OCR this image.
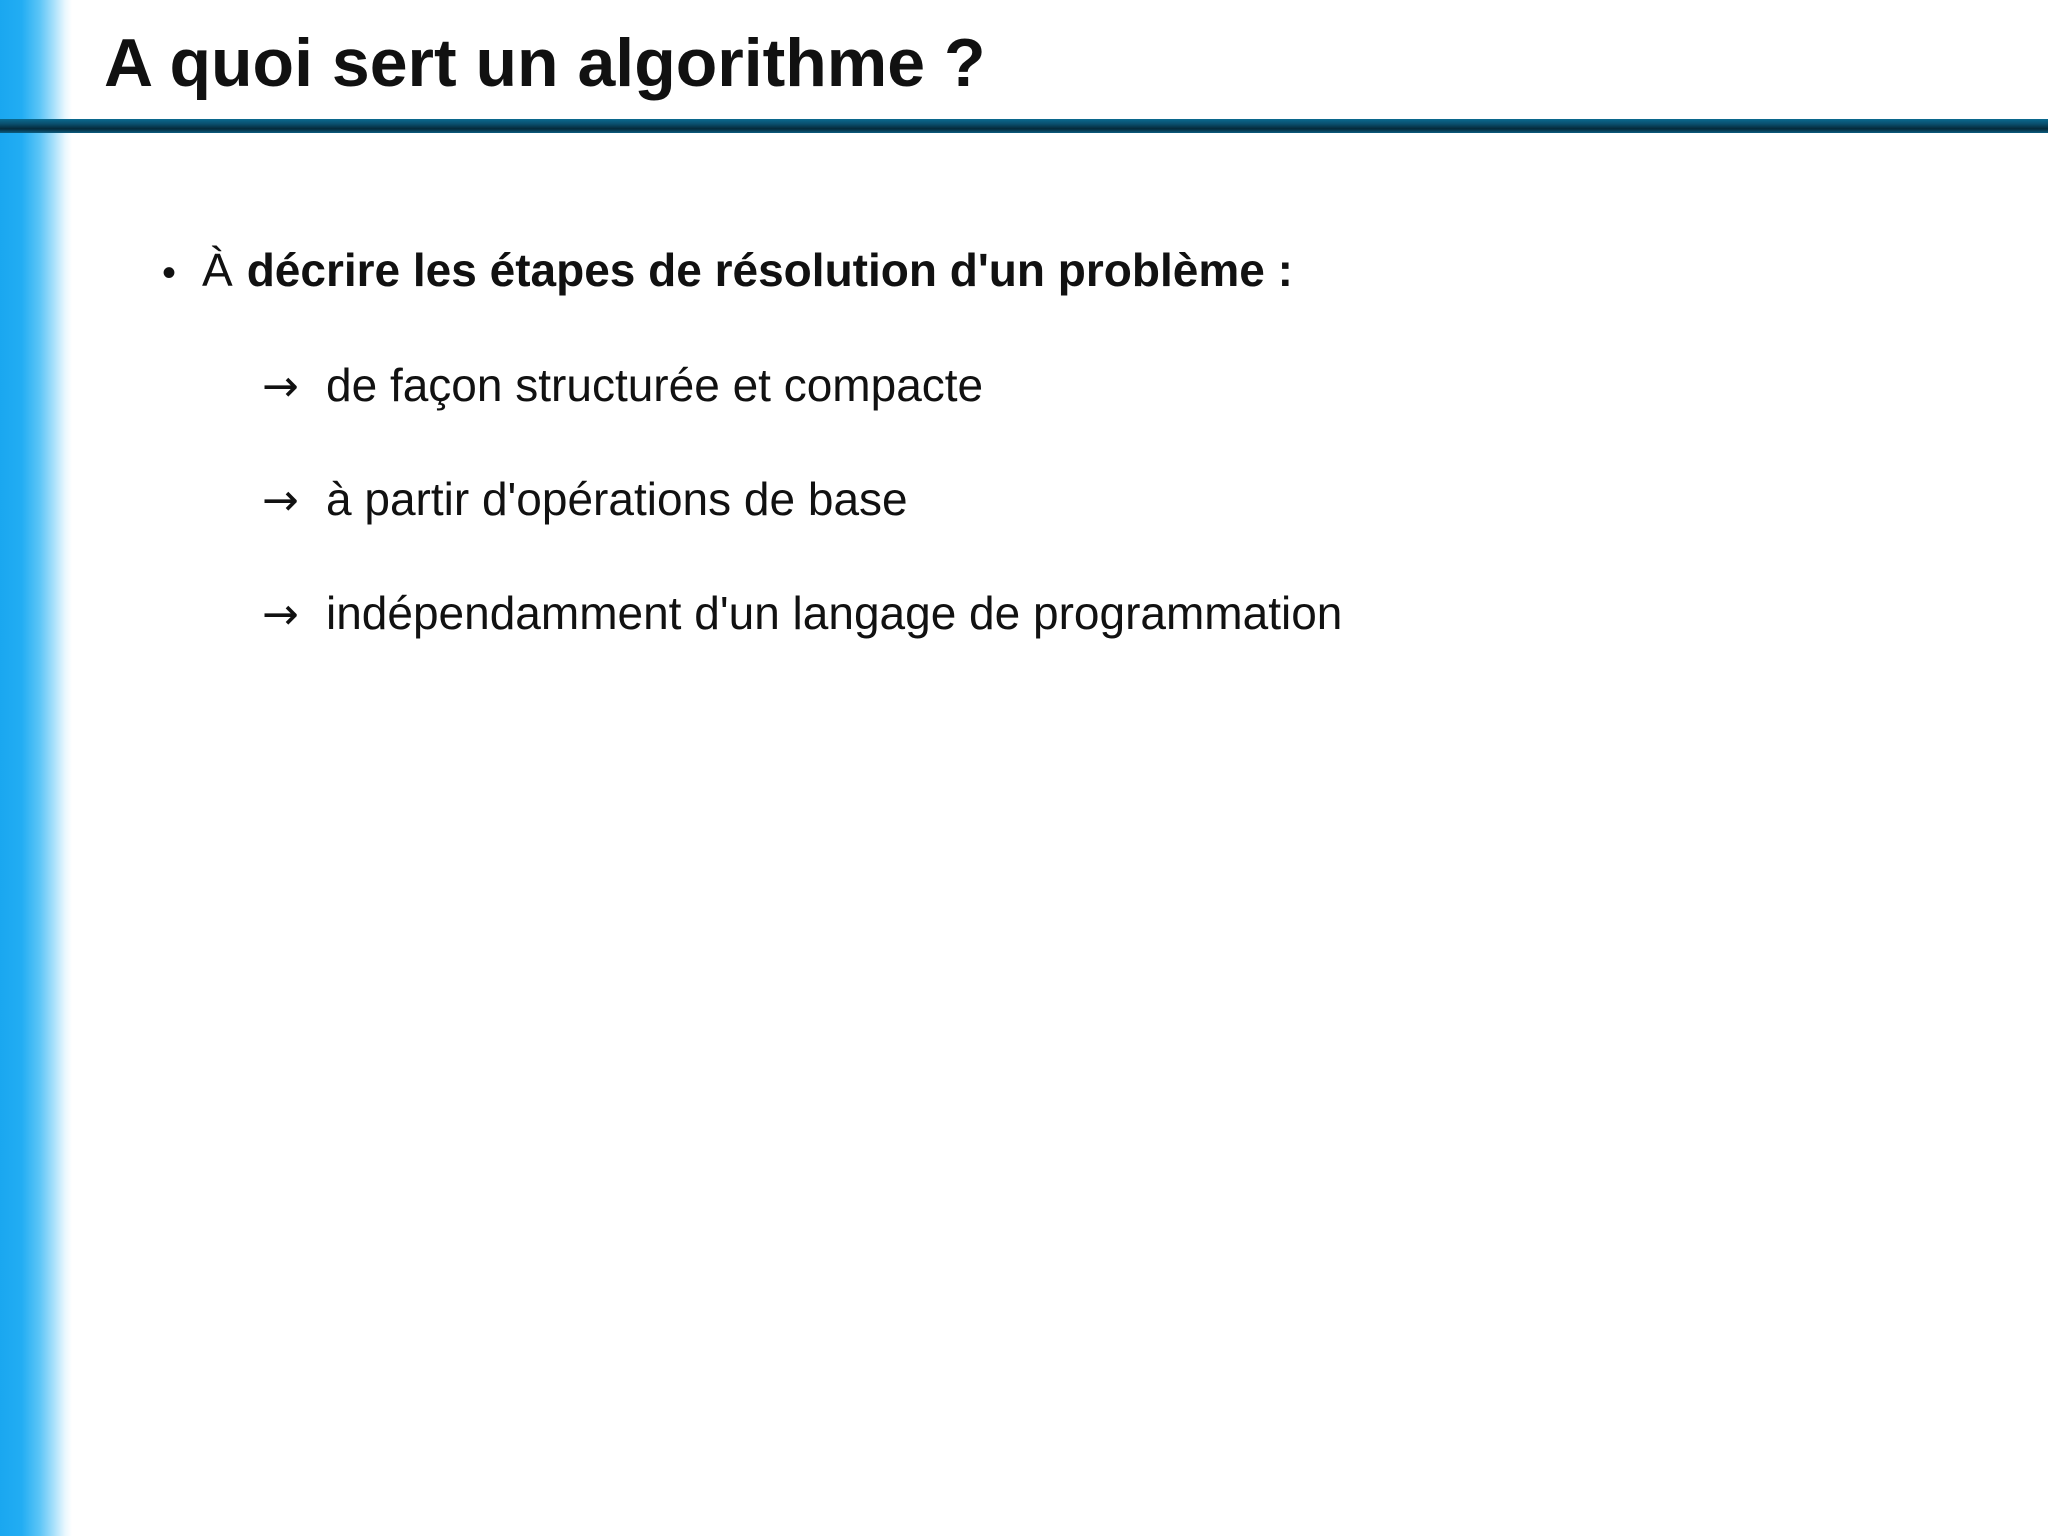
A quoi sert un algorithme ?
• À décrire les étapes de résolution d'un problème :
→ de façon structurée et compacte
→ à partir d'opérations de base
→ indépendamment d'un langage de programmation
